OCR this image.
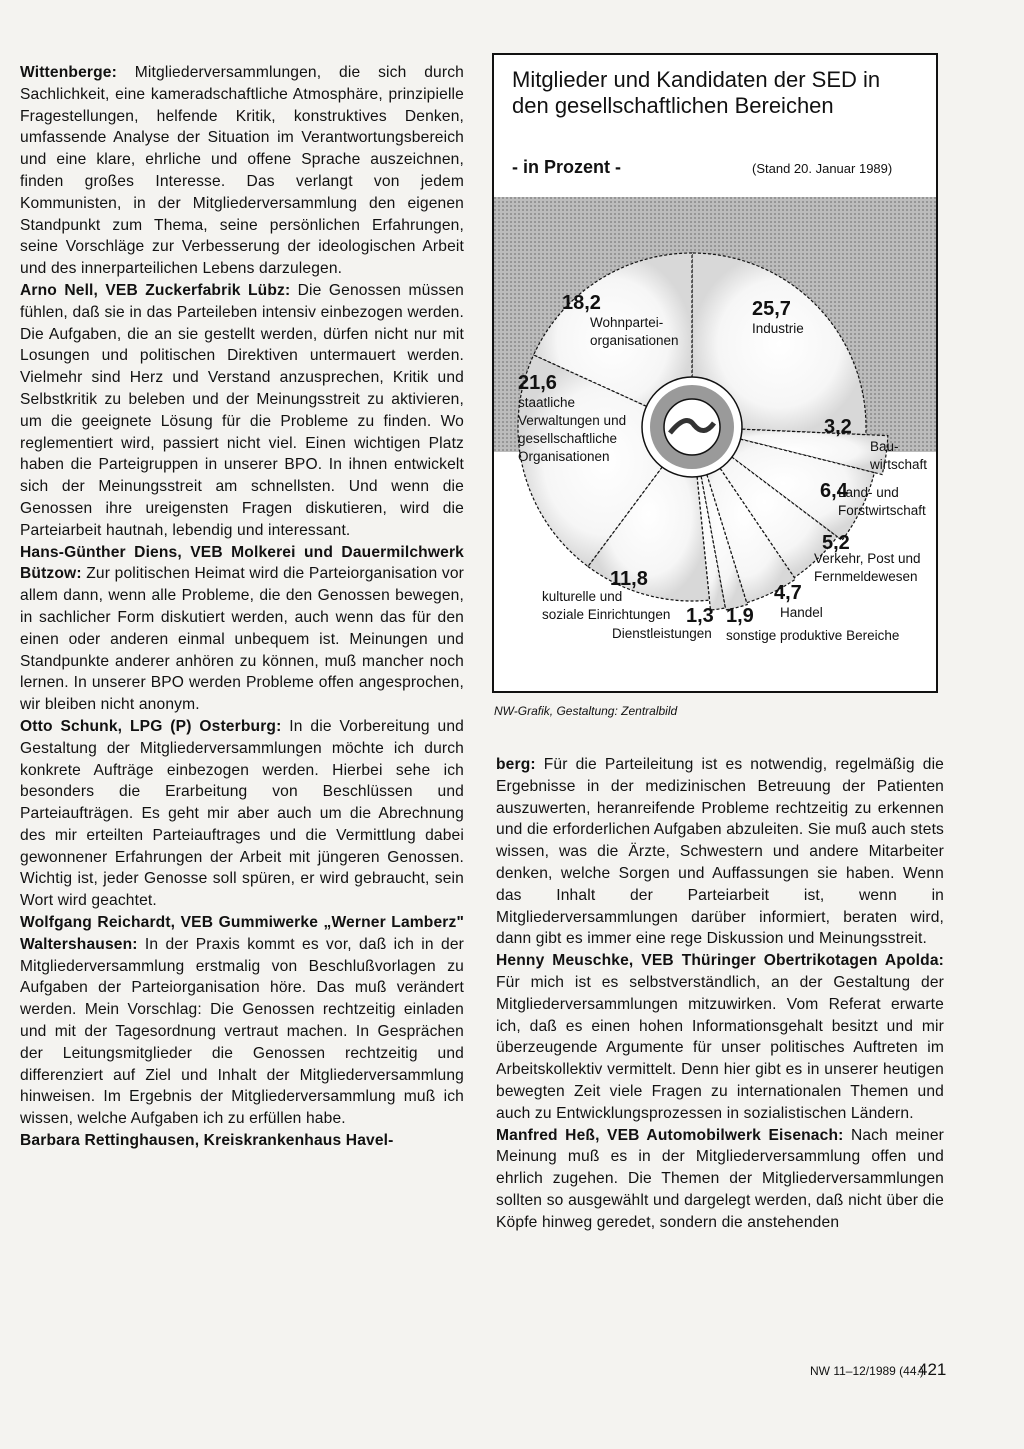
Wittenberge: Mitgliederversammlungen, die sich durch Sachlichkeit, eine kameradschaftliche Atmosphäre, prinzipielle Fragestellungen, helfende Kritik, konstruktives Denken, umfassende Analyse der Situation im Verantwortungsbereich und eine klare, ehrliche und offene Sprache auszeichnen, finden großes Interesse. Das verlangt von jedem Kommunisten, in der Mitgliederversammlung den eigenen Standpunkt zum Thema, seine persönlichen Erfahrungen, seine Vorschläge zur Verbesserung der ideologischen Arbeit und des innerparteilichen Lebens darzulegen.

Arno Nell, VEB Zuckerfabrik Lübz: Die Genossen müssen fühlen, daß sie in das Parteileben intensiv einbezogen werden. Die Aufgaben, die an sie gestellt werden, dürfen nicht nur mit Losungen und politischen Direktiven untermauert werden. Vielmehr sind Herz und Verstand anzusprechen, Kritik und Selbstkritik zu beleben und der Meinungsstreit zu aktivieren, um die geeignete Lösung für die Probleme zu finden. Wo reglementiert wird, passiert nicht viel. Einen wichtigen Platz haben die Parteigruppen in unserer BPO. In ihnen entwickelt sich der Meinungsstreit am schnellsten. Und wenn die Genossen ihre ureigensten Fragen diskutieren, wird die Parteiarbeit hautnah, lebendig und interessant.

Hans-Günther Diens, VEB Molkerei und Dauermilchwerk Bützow: Zur politischen Heimat wird die Parteiorganisation vor allem dann, wenn alle Probleme, die den Genossen bewegen, in sachlicher Form diskutiert werden, auch wenn das für den einen oder anderen einmal unbequem ist. Meinungen und Standpunkte anderer anhören zu können, muß mancher noch lernen. In unserer BPO werden Probleme offen angesprochen, wir bleiben nicht anonym.

Otto Schunk, LPG (P) Osterburg: In die Vorbereitung und Gestaltung der Mitgliederversammlungen möchte ich durch konkrete Aufträge einbezogen werden. Hierbei sehe ich besonders die Erarbeitung von Beschlüssen und Parteiaufträgen. Es geht mir aber auch um die Abrechnung des mir erteilten Parteiauftrages und die Vermittlung dabei gewonnener Erfahrungen der Arbeit mit jüngeren Genossen. Wichtig ist, jeder Genosse soll spüren, er wird gebraucht, sein Wort wird geachtet.

Wolfgang Reichardt, VEB Gummiwerke „Werner Lamberz" Waltershausen: In der Praxis kommt es vor, daß ich in der Mitgliederversammlung erstmalig von Beschlußvorlagen zu Aufgaben der Parteiorganisation höre. Das muß verändert werden. Mein Vorschlag: Die Genossen rechtzeitig einladen und mit der Tagesordnung vertraut machen. In Gesprächen der Leitungsmitglieder die Genossen rechtzeitig und differenziert auf Ziel und Inhalt der Mitgliederversammlung hinweisen. Im Ergebnis der Mitgliederversammlung muß ich wissen, welche Aufgaben ich zu erfüllen habe.

Barbara Rettinghausen, Kreiskrankenhaus Havel-

berg: Für die Parteileitung ist es notwendig, regelmäßig die Ergebnisse in der medizinischen Betreuung der Patienten auszuwerten, heranreifende Probleme rechtzeitig zu erkennen und die erforderlichen Aufgaben abzuleiten. Sie muß auch stets wissen, was die Ärzte, Schwestern und andere Mitarbeiter denken, welche Sorgen und Auffassungen sie haben. Wenn das Inhalt der Parteiarbeit ist, wenn in Mitgliederversammlungen darüber informiert, beraten wird, dann gibt es immer eine rege Diskussion und Meinungsstreit.

Henny Meuschke, VEB Thüringer Obertrikotagen Apolda: Für mich ist es selbstverständlich, an der Gestaltung der Mitgliederversammlungen mitzuwirken. Vom Referat erwarte ich, daß es einen hohen Informationsgehalt besitzt und mir überzeugende Argumente für unser politisches Auftreten im Arbeitskollektiv vermittelt. Denn hier gibt es in unserer heutigen bewegten Zeit viele Fragen zu internationalen Themen und auch zu Entwicklungsprozessen in sozialistischen Ländern.

Manfred Heß, VEB Automobilwerk Eisenach: Nach meiner Meinung muß es in der Mitgliederversammlung offen und ehrlich zugehen. Die Themen der Mitgliederversammlungen sollten so ausgewählt und dargelegt werden, daß nicht über die Köpfe hinweg geredet, sondern die anstehenden

Mitglieder und Kandidaten der SED in den gesellschaftlichen Bereichen
- in Prozent -	(Stand 20. Januar 1989)
25,7
Industrie
3,2
Bau-
wirtschaft
6,4
Land- und
Forstwirtschaft
5,2
Verkehr, Post und
Fernmeldewesen
4,7
Handel
1,9
sonstige produktive Bereiche
1,3
Dienstleistungen
11,8
kulturelle und
soziale Einrichtungen
21,6
staatliche
Verwaltungen und
gesellschaftliche
Organisationen
18,2
Wohnpartei-
organisationen
NW-Grafik, Gestaltung: Zentralbild
NW 11–12/1989 (44.)
421
